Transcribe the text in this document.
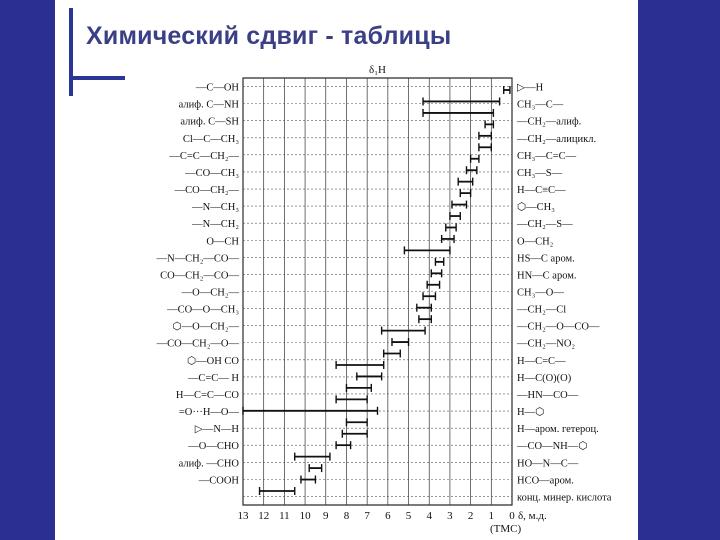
Химический сдвиг - таблицы
—C—OH
алиф. C—NH
алиф. C—SH
Cl—C—CH₃
—C=C—CH₂—
—CO—CH₃
—CO—CH₂—
—N—CH₃
—N—CH₂
O—CH
—N—CH₂—CO—
CO—CH₂—CO—
—O—CH₂—
—CO—O—CH₃
⬡—O—CH₂—
—CO—CH₂—O—
⬡—OH CO
—C=C— H
H—C=C—CO
=O···H—O—
▷—N—H
—O—CHO
алиф. —CHO
—COOH
▷—H
CH₃—C—
—CH₂—алиф.
—CH₂—алицикл.
CH₃—C=C—
CH₃—S—
H—C≡C—
⬡—CH₃
—CH₂—S—
O—CH₂
HS—C аром.
HN—C аром.
CH₃—O—
—CH₂—Cl
—CH₂—O—CO—
—CH₂—NO₂
H—C=C—
H—C(O)(O)
—HN—CO—
H—⬡
H—аром. гетероц.
—CO—NH—⬡
HO—N—C—
HCO—аром.
конц. минер. кислота
13 12 11 10 9 8 7 6 5 4 3 2 1 0
δ₁H
δ, м.д.
(TMC)
